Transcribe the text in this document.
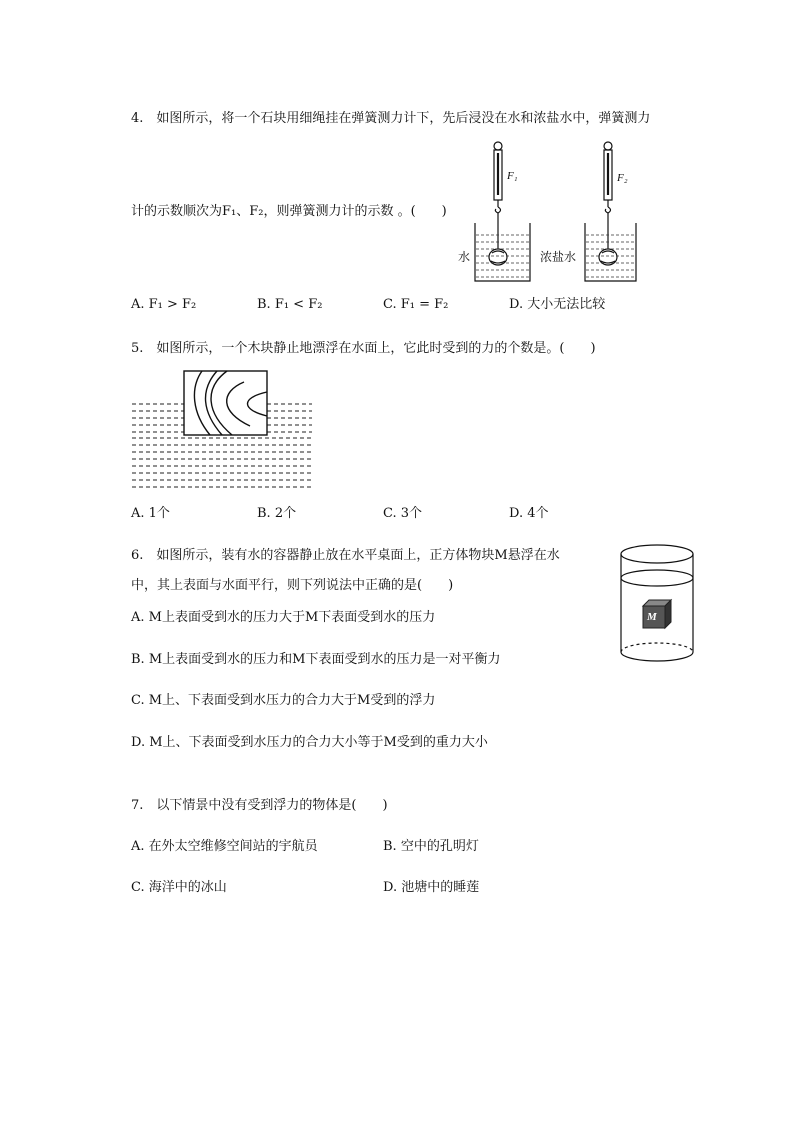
4.　如图所示，将一个石块用细绳挂在弹簧测力计下，先后浸没在水和浓盐水中，弹簧测力
计的示数顺次为F₁、F₂，则弹簧测力计的示数 。(　　)
F₁	F₂
水	浓盐水
A. F₁ > F₂	B. F₁ < F₂	C. F₁ = F₂	D. 大小无法比较
5.　如图所示，一个木块静止地漂浮在水面上，它此时受到的力的个数是。(　　)
A. 1个	B. 2个	C. 3个	D. 4个
6.　如图所示，装有水的容器静止放在水平桌面上，正方体物块M悬浮在水
中，其上表面与水面平行，则下列说法中正确的是(　　)
M
A. M上表面受到水的压力大于M下表面受到水的压力
B. M上表面受到水的压力和M下表面受到水的压力是一对平衡力
C. M上、下表面受到水压力的合力大于M受到的浮力
D. M上、下表面受到水压力的合力大小等于M受到的重力大小
7.　以下情景中没有受到浮力的物体是(　　)
A. 在外太空维修空间站的宇航员	B. 空中的孔明灯
C. 海洋中的冰山	D. 池塘中的睡莲
